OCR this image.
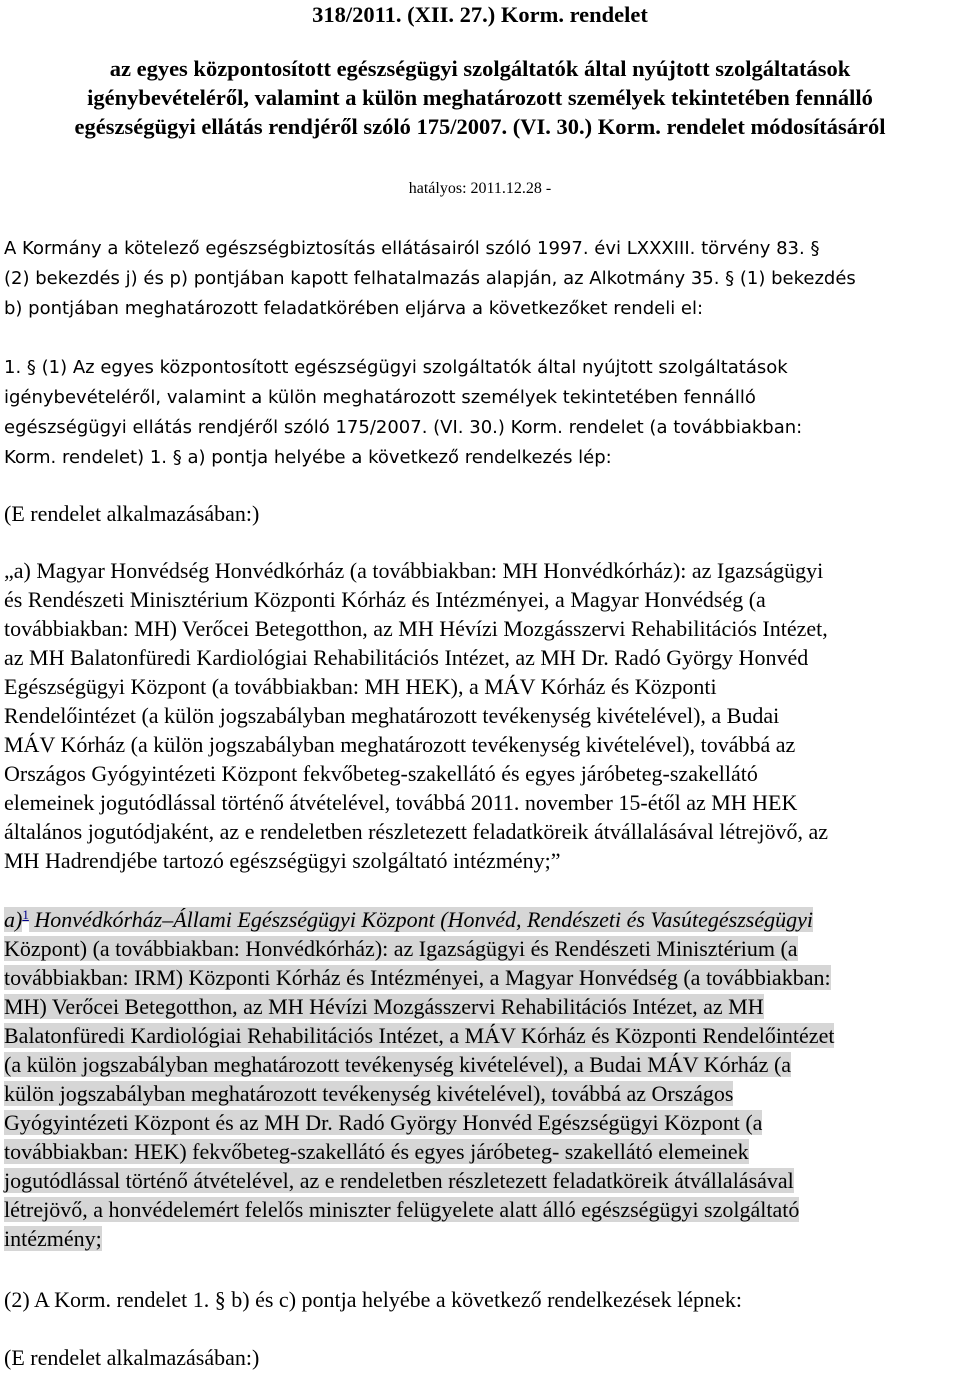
318/2011. (XII. 27.) Korm. rendelet
az egyes központosított egészségügyi szolgáltatók által nyújtott szolgáltatások
igénybevételéről, valamint a külön meghatározott személyek tekintetében fennálló
egészségügyi ellátás rendjéről szóló 175/2007. (VI. 30.) Korm. rendelet módosításáról
hatályos: 2011.12.28 -
A Kormány a kötelező egészségbiztosítás ellátásairól szóló 1997. évi LXXXIII. törvény 83. §
(2) bekezdés j) és p) pontjában kapott felhatalmazás alapján, az Alkotmány 35. § (1) bekezdés
b) pontjában meghatározott feladatkörében eljárva a következőket rendeli el:
1. § (1) Az egyes központosított egészségügyi szolgáltatók által nyújtott szolgáltatások
igénybevételéről, valamint a külön meghatározott személyek tekintetében fennálló
egészségügyi ellátás rendjéről szóló 175/2007. (VI. 30.) Korm. rendelet (a továbbiakban:
Korm. rendelet) 1. § a) pontja helyébe a következő rendelkezés lép:
(E rendelet alkalmazásában:)
„a) Magyar Honvédség Honvédkórház (a továbbiakban: MH Honvédkórház): az Igazságügyi
és Rendészeti Minisztérium Központi Kórház és Intézményei, a Magyar Honvédség (a
továbbiakban: MH) Verőcei Betegotthon, az MH Hévízi Mozgásszervi Rehabilitációs Intézet,
az MH Balatonfüredi Kardiológiai Rehabilitációs Intézet, az MH Dr. Radó György Honvéd
Egészségügyi Központ (a továbbiakban: MH HEK), a MÁV Kórház és Központi
Rendelőintézet (a külön jogszabályban meghatározott tevékenység kivételével), a Budai
MÁV Kórház (a külön jogszabályban meghatározott tevékenység kivételével), továbbá az
Országos Gyógyintézeti Központ fekvőbeteg-szakellátó és egyes járóbeteg-szakellátó
elemeinek jogutódlással történő átvételével, továbbá 2011. november 15-étől az MH HEK
általános jogutódjaként, az e rendeletben részletezett feladatköreik átvállalásával létrejövő, az
MH Hadrendjébe tartozó egészségügyi szolgáltató intézmény;”
a)$^1$ Honvédkórház–Állami Egészségügyi Központ (Honvéd, Rendészeti és Vasútegészségügyi
Központ) (a továbbiakban: Honvédkórház): az Igazságügyi és Rendészeti Minisztérium (a
továbbiakban: IRM) Központi Kórház és Intézményei, a Magyar Honvédség (a továbbiakban:
MH) Verőcei Betegotthon, az MH Hévízi Mozgásszervi Rehabilitációs Intézet, az MH
Balatonfüredi Kardiológiai Rehabilitációs Intézet, a MÁV Kórház és Központi Rendelőintézet
(a külön jogszabályban meghatározott tevékenység kivételével), a Budai MÁV Kórház (a
külön jogszabályban meghatározott tevékenység kivételével), továbbá az Országos
Gyógyintézeti Központ és az MH Dr. Radó György Honvéd Egészségügyi Központ (a
továbbiakban: HEK) fekvőbeteg-szakellátó és egyes járóbeteg- szakellátó elemeinek
jogutódlással történő átvételével, az e rendeletben részletezett feladatköreik átvállalásával
létrejövő, a honvédelemért felelős miniszter felügyelete alatt álló egészségügyi szolgáltató
intézmény;
(2) A Korm. rendelet 1. § b) és c) pontja helyébe a következő rendelkezések lépnek:
(E rendelet alkalmazásában:)
